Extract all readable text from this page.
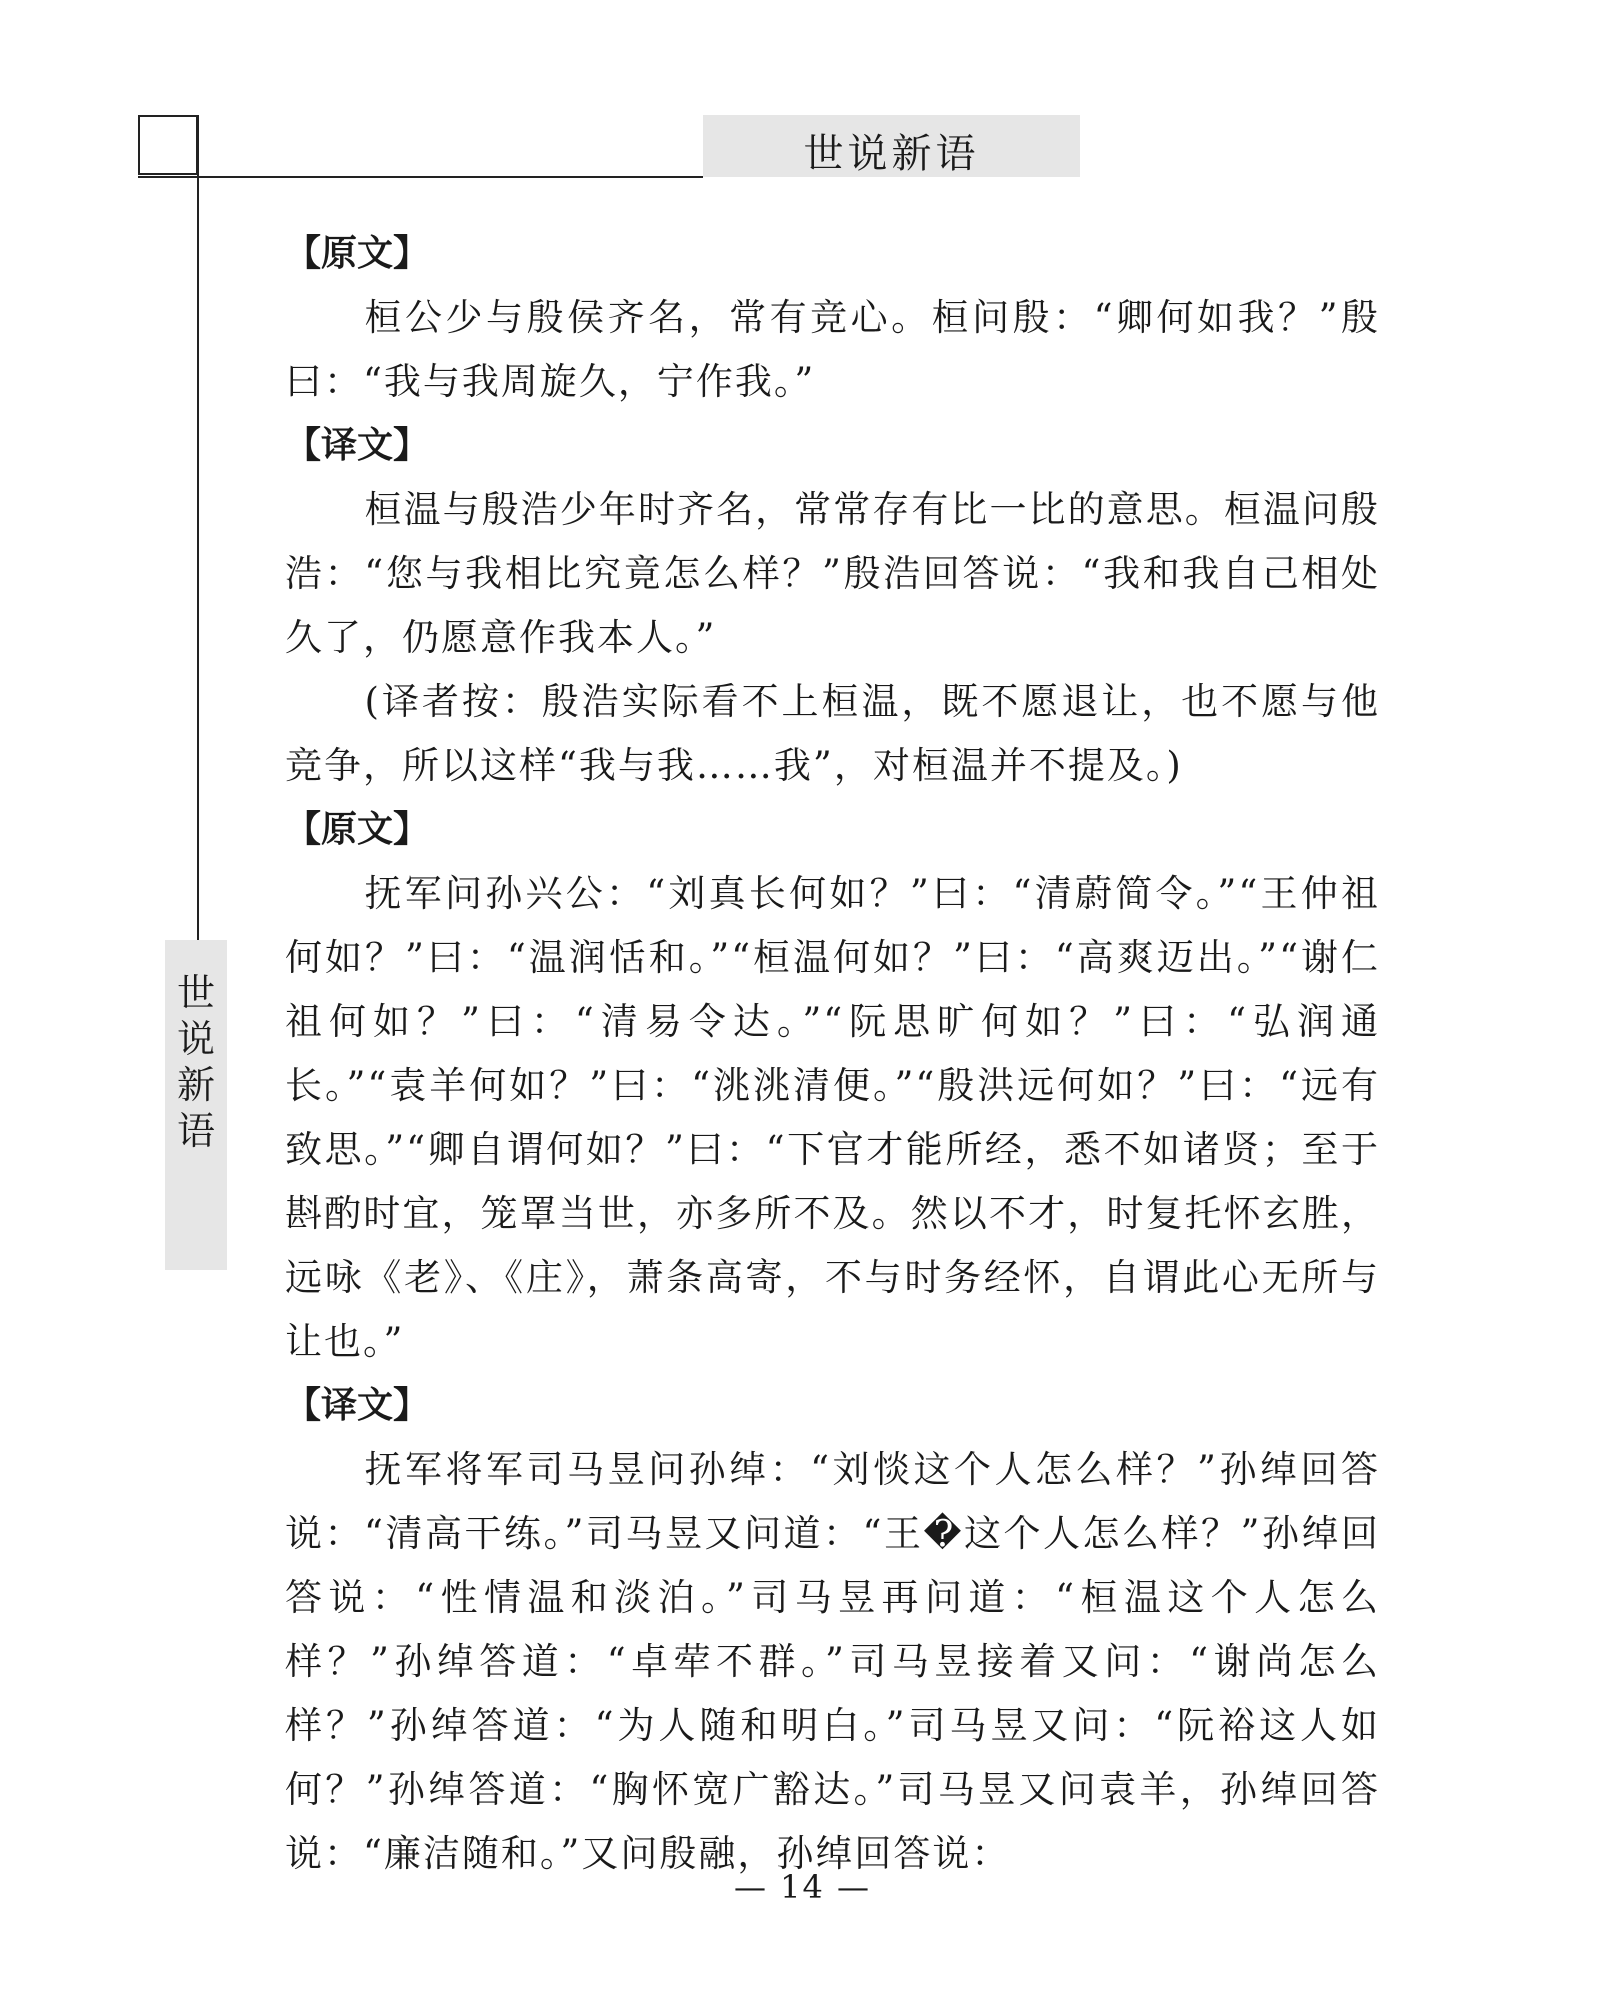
世说新语
世
说
新
语
【原文】

桓公少与殷侯齐名，常有竞心。桓问殷：“卿何如我？”殷曰：“我与我周旋久，宁作我。”

【译文】

桓温与殷浩少年时齐名，常常存有比一比的意思。桓温问殷浩：“您与我相比究竟怎么样？”殷浩回答说：“我和我自己相处久了，仍愿意作我本人。”

(译者按：殷浩实际看不上桓温，既不愿退让，也不愿与他竞争，所以这样“我与我……我”，对桓温并不提及。)

【原文】

抚军问孙兴公：“刘真长何如？”曰：“清蔚简令。”“王仲祖何如？”曰：“温润恬和。”“桓温何如？”曰：“高爽迈出。”“谢仁祖何如？”曰：“清易令达。”“阮思旷何如？”曰：“弘润通长。”“袁羊何如？”曰：“洮洮清便。”“殷洪远何如？”曰：“远有致思。”“卿自谓何如？”曰：“下官才能所经，悉不如诸贤；至于斟酌时宜，笼罩当世，亦多所不及。然以不才，时复托怀玄胜，远咏《老》、《庄》，萧条高寄，不与时务经怀，自谓此心无所与让也。”

【译文】

抚军将军司马昱问孙绰：“刘惔这个人怎么样？”孙绰回答说：“清高干练。”司马昱又问道：“王�这个人怎么样？”孙绰回答说：“性情温和淡泊。”司马昱再问道：“桓温这个人怎么样？”孙绰答道：“卓荦不群。”司马昱接着又问：“谢尚怎么样？”孙绰答道：“为人随和明白。”司马昱又问：“阮裕这人如何？”孙绰答道：“胸怀宽广豁达。”司马昱又问袁羊，孙绰回答说：“廉洁随和。”又问殷融，孙绰回答说：

— 14 —
